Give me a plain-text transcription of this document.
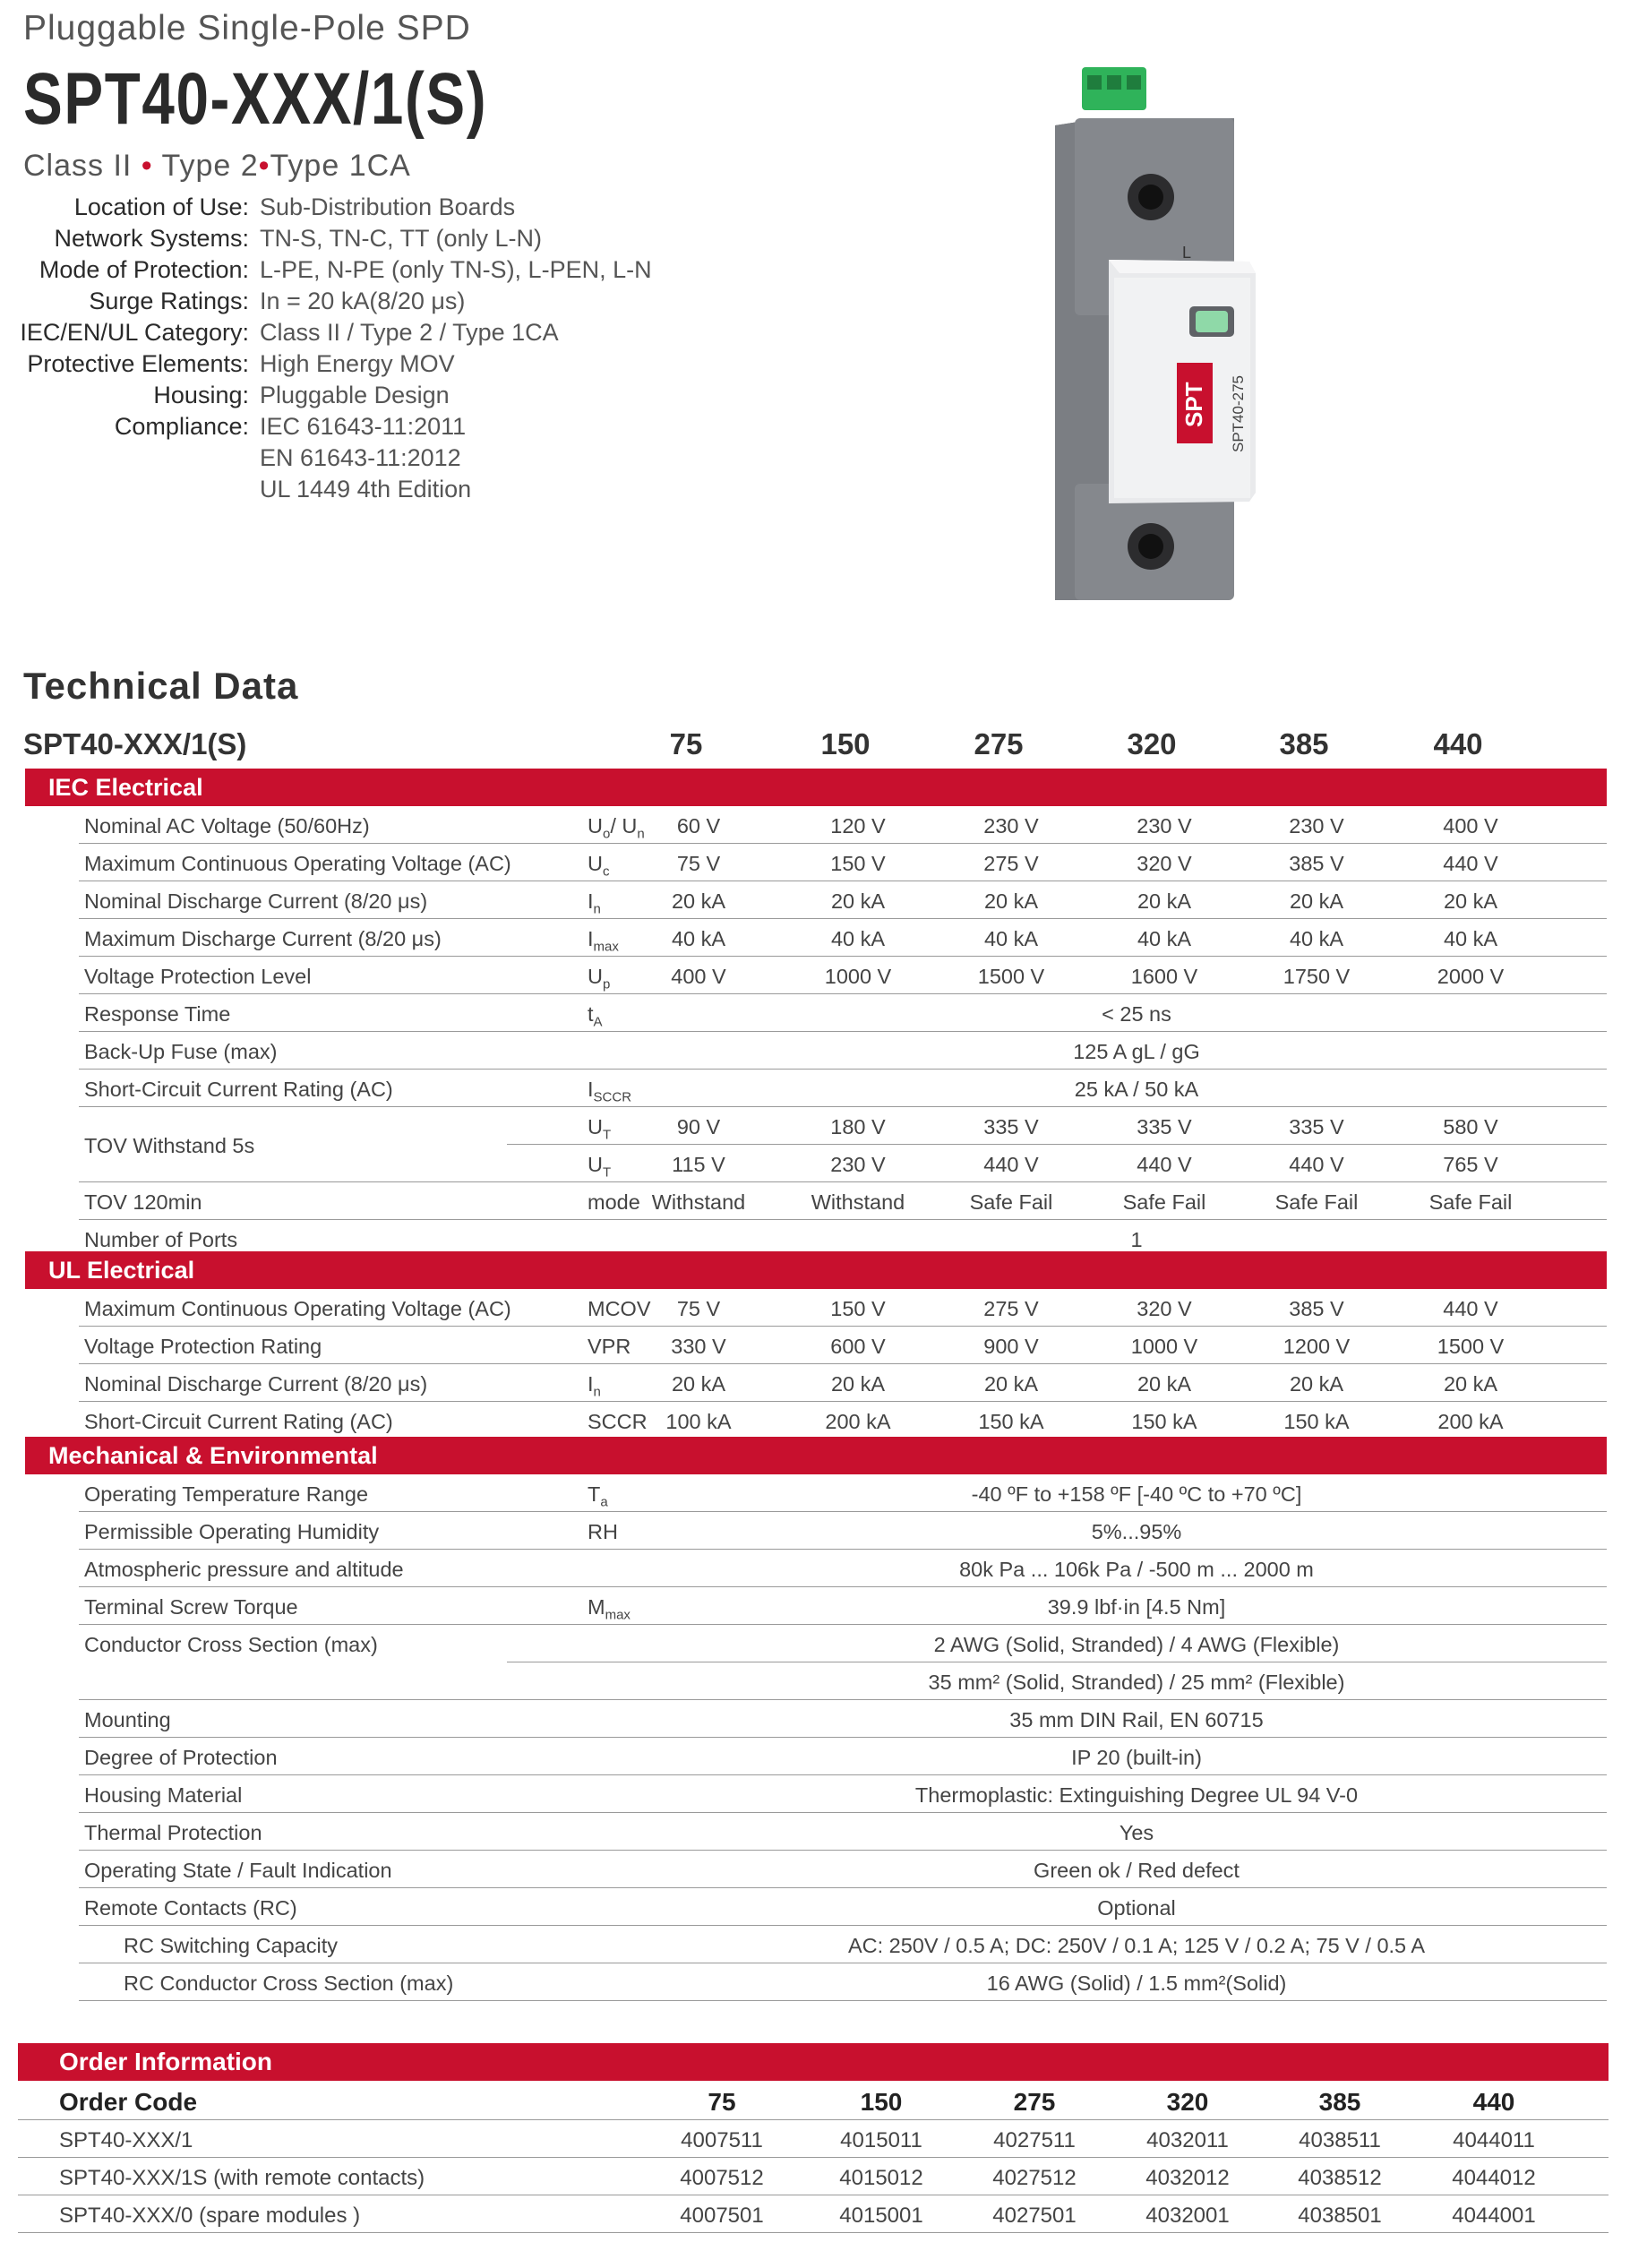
Pluggable Single-Pole SPD
SPT40-XXX/1(S)
Class II • Type 2•Type 1CA
Location of Use: Sub-Distribution Boards
Network Systems: TN-S, TN-C, TT (only L-N)
Mode of Protection: L-PE, N-PE (only TN-S), L-PEN, L-N
Surge Ratings: In = 20 kA(8/20 μs)
IEC/EN/UL Category: Class II / Type 2 / Type 1CA
Protective Elements: High Energy MOV
Housing: Pluggable Design
Compliance: IEC 61643-11:2011
EN 61643-11:2012
UL 1449 4th Edition
L
SPT SPT40-275
Technical Data
SPT40-XXX/1(S)	75	150	275	320	385	440
IEC Electrical
Nominal AC Voltage (50/60Hz)	$U_o/$ $U_n$	60 V	120 V	230 V	230 V	230 V	400 V
Maximum Continuous Operating Voltage (AC)	$U_c$	75 V	150 V	275 V	320 V	385 V	440 V
Nominal Discharge Current (8/20 μs)	$I_n$	20 kA	20 kA	20 kA	20 kA	20 kA	20 kA
Maximum Discharge Current (8/20 μs)	$I_{max}$	40 kA	40 kA	40 kA	40 kA	40 kA	40 kA
Voltage Protection Level	$U_p$	400 V	1000 V	1500 V	1600 V	1750 V	2000 V
Response Time	$t_A$	< 25 ns
Back-Up Fuse (max)	125 A gL / gG
Short-Circuit Current Rating (AC)	$I_{SCCR}$	25 kA / 50 kA
TOV Withstand 5s
$U_T$	90 V	180 V	335 V	335 V	335 V	580 V
$U_T$	115 V	230 V	440 V	440 V	440 V	765 V
TOV 120min	mode Withstand	Withstand	Safe Fail	Safe Fail	Safe Fail	Safe Fail
Number of Ports	1
UL Electrical
Maximum Continuous Operating Voltage (AC)	MCOV	75 V	150 V	275 V	320 V	385 V	440 V
Voltage Protection Rating	VPR	330 V	600 V	900 V	1000 V	1200 V	1500 V
Nominal Discharge Current (8/20 μs)	$I_n$	20 kA	20 kA	20 kA	20 kA	20 kA	20 kA
Short-Circuit Current Rating (AC)	SCCR 100 kA	200 kA	150 kA	150 kA	150 kA	200 kA
Mechanical & Environmental
Operating Temperature Range	$T_a$	-40 ºF to +158 ºF [-40 ºC to +70 ºC]
Permissible Operating Humidity	RH	5%...95%
Atmospheric pressure and altitude	80k Pa ... 106k Pa / -500 m ... 2000 m
Terminal Screw Torque	$M_{max}$	39.9 lbf·in [4.5 Nm]
Conductor Cross Section (max)	2 AWG (Solid, Stranded) / 4 AWG (Flexible)
35 mm² (Solid, Stranded) / 25 mm² (Flexible)
Mounting	35 mm DIN Rail, EN 60715
Degree of Protection	IP 20 (built-in)
Housing Material	Thermoplastic: Extinguishing Degree UL 94 V-0
Thermal Protection	Yes
Operating State / Fault Indication	Green ok / Red defect
Remote Contacts (RC)	Optional
RC Switching Capacity	AC: 250V / 0.5 A; DC: 250V / 0.1 A; 125 V / 0.2 A; 75 V / 0.5 A
RC Conductor Cross Section (max)	16 AWG (Solid) / 1.5 mm²(Solid)
Order Information
Order Code	75	150	275	320	385	440
SPT40-XXX/1	4007511	4015011	4027511	4032011	4038511	4044011
SPT40-XXX/1S (with remote contacts)	4007512	4015012	4027512	4032012	4038512	4044012
SPT40-XXX/0 (spare modules )	4007501	4015001	4027501	4032001	4038501	4044001
